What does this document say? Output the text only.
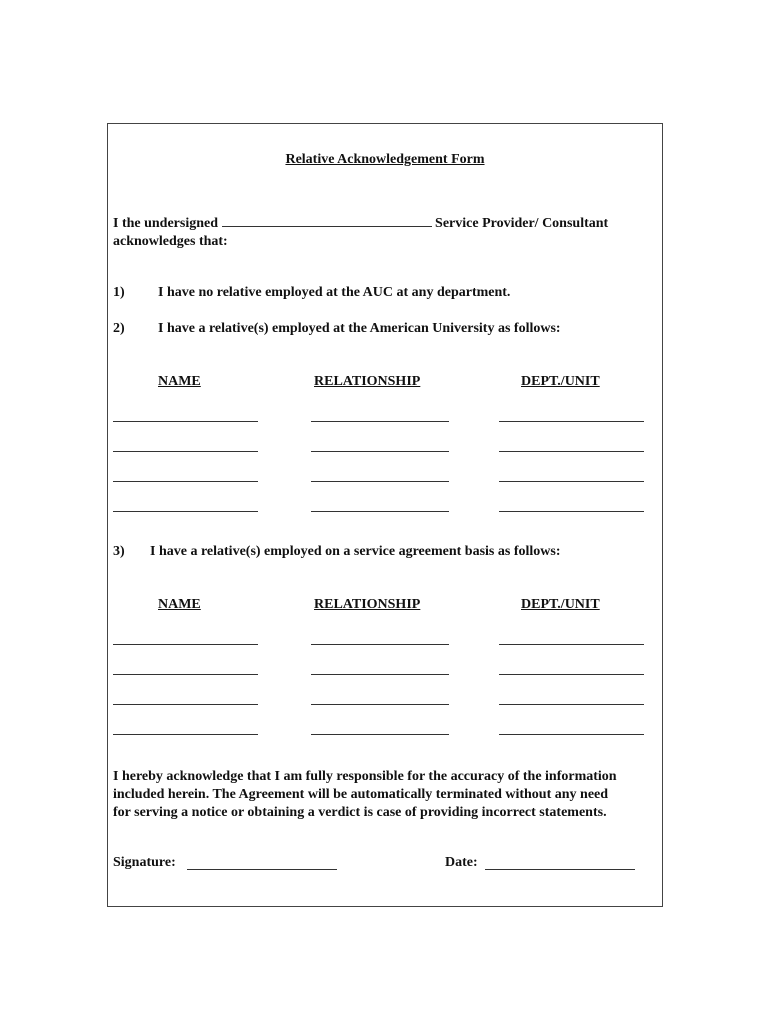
Relative Acknowledgement Form
I the undersigned	Service Provider/ Consultant
acknowledges that:
1) I have no relative employed at the AUC at any department.
2) I have a relative(s) employed at the American University as follows:
NAME	RELATIONSHIP	DEPT./UNIT
3) I have a relative(s) employed on a service agreement basis as follows:
NAME	RELATIONSHIP	DEPT./UNIT
I hereby acknowledge that I am fully responsible for the accuracy of the information
included herein. The Agreement will be automatically terminated without any need
for serving a notice or obtaining a verdict is case of providing incorrect statements.
Signature:	Date:
